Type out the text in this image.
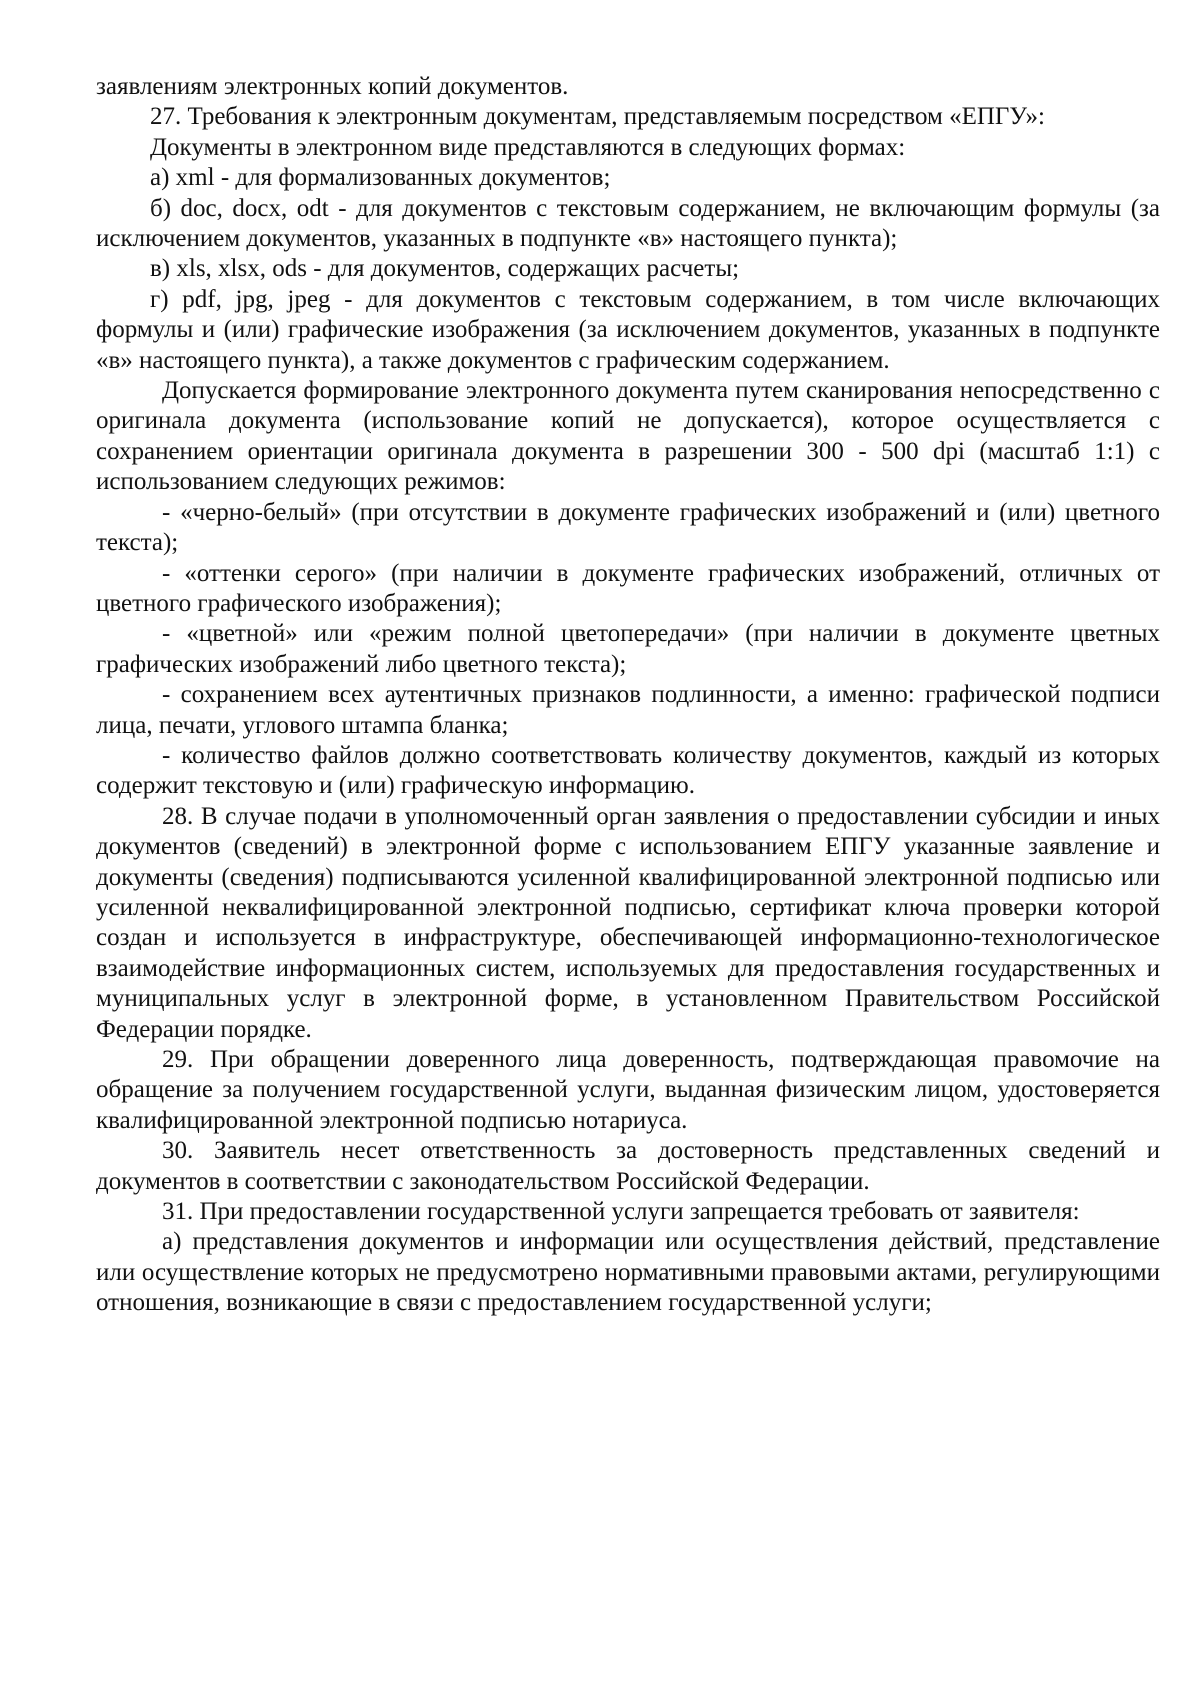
заявлениям электронных копий документов.

27. Требования к электронным документам, представляемым посредством «ЕПГУ»:

Документы в электронном виде представляются в следующих формах:

а) xml - для формализованных документов;

б) doc, docx, odt - для документов с текстовым содержанием, не включающим формулы (за исключением документов, указанных в подпункте «в» настоящего пункта);

в) xls, xlsx, ods - для документов, содержащих расчеты;

г) pdf, jpg, jpeg - для документов с текстовым содержанием, в том числе включающих формулы и (или) графические изображения (за исключением документов, указанных в подпункте «в» настоящего пункта), а также документов с графическим содержанием.

Допускается формирование электронного документа путем сканирования непосредственно с оригинала документа (использование копий не допускается), которое осуществляется с сохранением ориентации оригинала документа в разрешении 300 - 500 dpi (масштаб 1:1) с использованием следующих режимов:

- «черно-белый» (при отсутствии в документе графических изображений и (или) цветного текста);

- «оттенки серого» (при наличии в документе графических изображений, отличных от цветного графического изображения);

- «цветной» или «режим полной цветопередачи» (при наличии в документе цветных графических изображений либо цветного текста);

- сохранением всех аутентичных признаков подлинности, а именно: графической подписи лица, печати, углового штампа бланка;

- количество файлов должно соответствовать количеству документов, каждый из которых содержит текстовую и (или) графическую информацию.

28. В случае подачи в уполномоченный орган заявления о предоставлении субсидии и иных документов (сведений) в электронной форме с использованием ЕПГУ указанные заявление и документы (сведения) подписываются усиленной квалифицированной электронной подписью или усиленной неквалифицированной электронной подписью, сертификат ключа проверки которой создан и используется в инфраструктуре, обеспечивающей информационно-технологическое взаимодействие информационных систем, используемых для предоставления государственных и муниципальных услуг в электронной форме, в установленном Правительством Российской Федерации порядке.

29. При обращении доверенного лица доверенность, подтверждающая правомочие на обращение за получением государственной услуги, выданная физическим лицом, удостоверяется квалифицированной электронной подписью нотариуса.

30. Заявитель несет ответственность за достоверность представленных сведений и документов в соответствии с законодательством Российской Федерации.

31. При предоставлении государственной услуги запрещается требовать от заявителя:

а) представления документов и информации или осуществления действий, представление или осуществление которых не предусмотрено нормативными правовыми актами, регулирующими отношения, возникающие в связи с предоставлением государственной услуги;
